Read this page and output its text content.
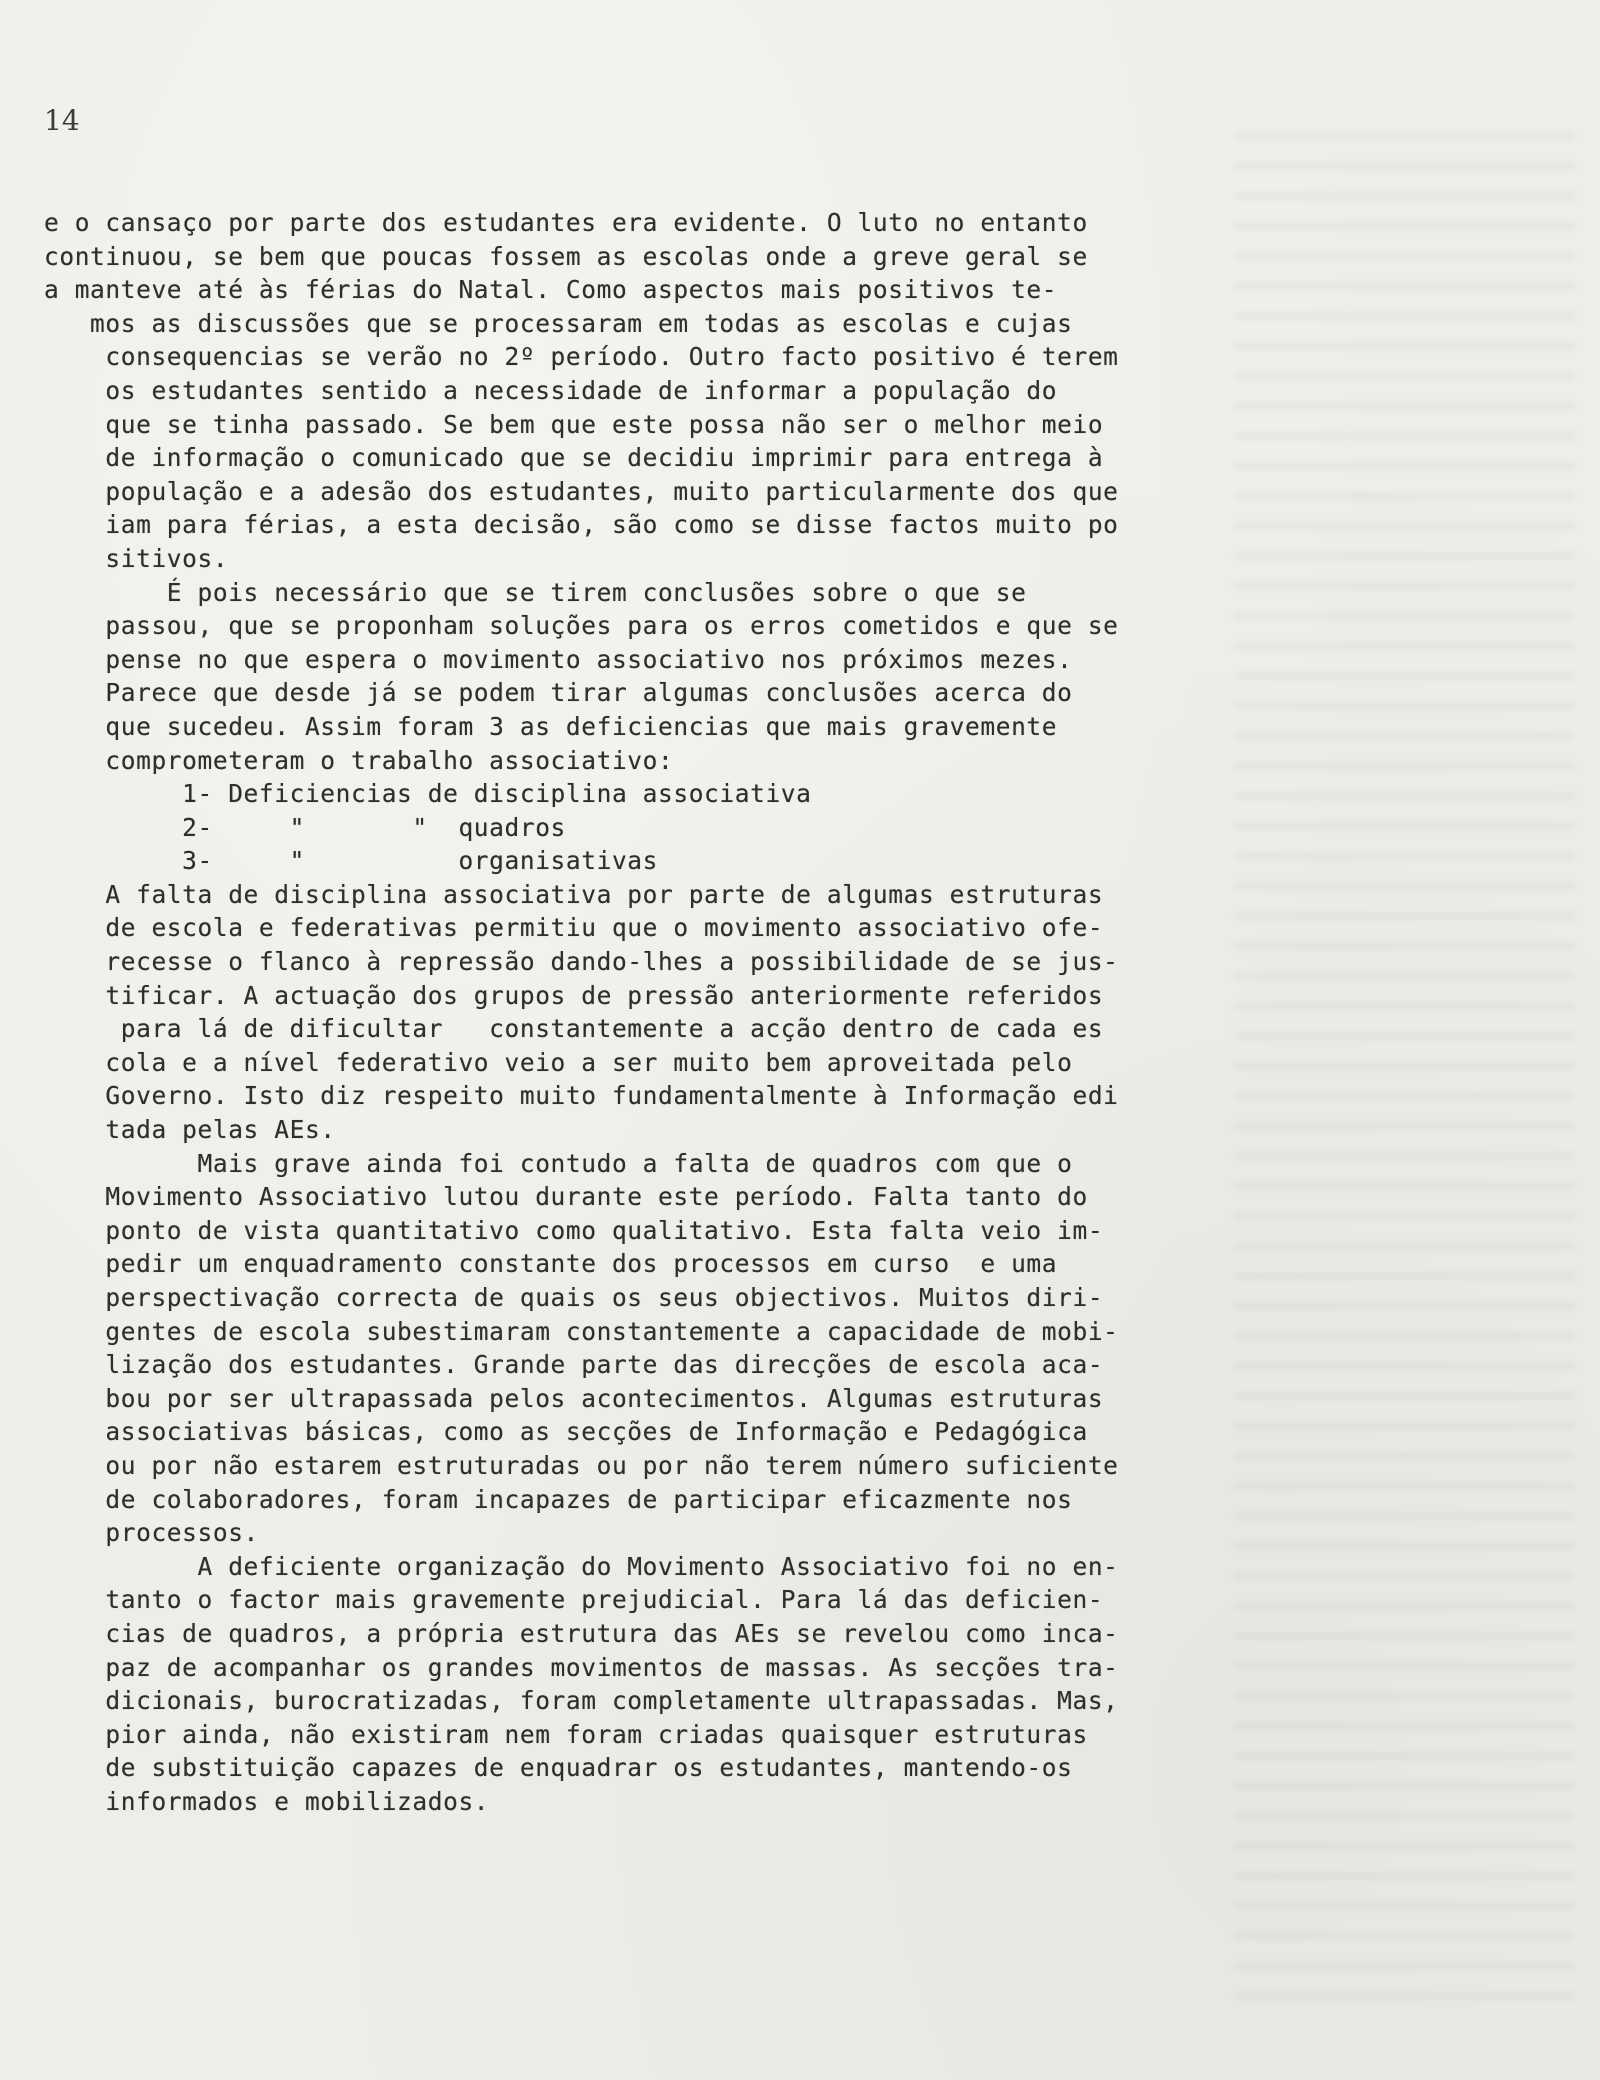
14
e o cansaço por parte dos estudantes era evidente. O luto no entanto
continuou, se bem que poucas fossem as escolas onde a greve geral se
a manteve até às férias do Natal. Como aspectos mais positivos te-
mos as discussões que se processaram em todas as escolas e cujas
consequencias se verão no 2º período. Outro facto positivo é terem
os estudantes sentido a necessidade de informar a população do
que se tinha passado. Se bem que este possa não ser o melhor meio
de informação o comunicado que se decidiu imprimir para entrega à
população e a adesão dos estudantes, muito particularmente dos que
iam para férias, a esta decisão, são como se disse factos muito po
sitivos.
É pois necessário que se tirem conclusões sobre o que se
passou, que se proponham soluções para os erros cometidos e que se
pense no que espera o movimento associativo nos próximos mezes.
Parece que desde já se podem tirar algumas conclusões acerca do
que sucedeu. Assim foram 3 as deficiencias que mais gravemente
comprometeram o trabalho associativo:
1- Deficiencias de disciplina associativa
2-     "       "  quadros
3-     "          organisativas
A falta de disciplina associativa por parte de algumas estruturas
de escola e federativas permitiu que o movimento associativo ofe-
recesse o flanco à repressão dando-lhes a possibilidade de se jus-
tificar. A actuação dos grupos de pressão anteriormente referidos
para lá de dificultar   constantemente a acção dentro de cada es
cola e a nível federativo veio a ser muito bem aproveitada pelo
Governo. Isto diz respeito muito fundamentalmente à Informação edi
tada pelas AEs.
Mais grave ainda foi contudo a falta de quadros com que o
Movimento Associativo lutou durante este período. Falta tanto do
ponto de vista quantitativo como qualitativo. Esta falta veio im-
pedir um enquadramento constante dos processos em curso  e uma
perspectivação correcta de quais os seus objectivos. Muitos diri-
gentes de escola subestimaram constantemente a capacidade de mobi-
lização dos estudantes. Grande parte das direcções de escola aca-
bou por ser ultrapassada pelos acontecimentos. Algumas estruturas
associativas básicas, como as secções de Informação e Pedagógica
ou por não estarem estruturadas ou por não terem número suficiente
de colaboradores, foram incapazes de participar eficazmente nos
processos.
A deficiente organização do Movimento Associativo foi no en-
tanto o factor mais gravemente prejudicial. Para lá das deficien-
cias de quadros, a própria estrutura das AEs se revelou como inca-
paz de acompanhar os grandes movimentos de massas. As secções tra-
dicionais, burocratizadas, foram completamente ultrapassadas. Mas,
pior ainda, não existiram nem foram criadas quaisquer estruturas
de substituição capazes de enquadrar os estudantes, mantendo-os
informados e mobilizados.
